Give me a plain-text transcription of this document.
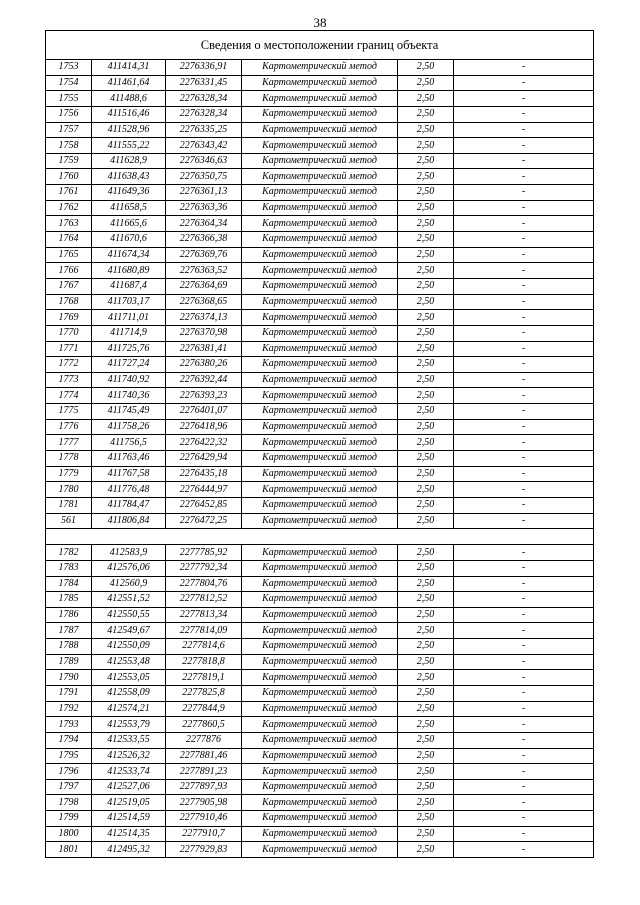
38
Сведения о местоположении границ объекта					
1753	411414,31	2276336,91	Картометрический метод	2,50	-
1754	411461,64	2276331,45	Картометрический метод	2,50	-
1755	411488,6	2276328,34	Картометрический метод	2,50	-
1756	411516,46	2276328,34	Картометрический метод	2,50	-
1757	411528,96	2276335,25	Картометрический метод	2,50	-
1758	411555,22	2276343,42	Картометрический метод	2,50	-
1759	411628,9	2276346,63	Картометрический метод	2,50	-
1760	411638,43	2276350,75	Картометрический метод	2,50	-
1761	411649,36	2276361,13	Картометрический метод	2,50	-
1762	411658,5	2276363,36	Картометрический метод	2,50	-
1763	411665,6	2276364,34	Картометрический метод	2,50	-
1764	411670,6	2276366,38	Картометрический метод	2,50	-
1765	411674,34	2276369,76	Картометрический метод	2,50	-
1766	411680,89	2276363,52	Картометрический метод	2,50	-
1767	411687,4	2276364,69	Картометрический метод	2,50	-
1768	411703,17	2276368,65	Картометрический метод	2,50	-
1769	411711,01	2276374,13	Картометрический метод	2,50	-
1770	411714,9	2276370,98	Картометрический метод	2,50	-
1771	411725,76	2276381,41	Картометрический метод	2,50	-
1772	411727,24	2276380,26	Картометрический метод	2,50	-
1773	411740,92	2276392,44	Картометрический метод	2,50	-
1774	411740,36	2276393,23	Картометрический метод	2,50	-
1775	411745,49	2276401,07	Картометрический метод	2,50	-
1776	411758,26	2276418,96	Картометрический метод	2,50	-
1777	411756,5	2276422,32	Картометрический метод	2,50	-
1778	411763,46	2276429,94	Картометрический метод	2,50	-
1779	411767,58	2276435,18	Картометрический метод	2,50	-
1780	411776,48	2276444,97	Картометрический метод	2,50	-
1781	411784,47	2276452,85	Картометрический метод	2,50	-
561	411806,84	2276472,25	Картометрический метод	2,50	-

1782	412583,9	2277785,92	Картометрический метод	2,50	-
1783	412576,06	2277792,34	Картометрический метод	2,50	-
1784	412560,9	2277804,76	Картометрический метод	2,50	-
1785	412551,52	2277812,52	Картометрический метод	2,50	-
1786	412550,55	2277813,34	Картометрический метод	2,50	-
1787	412549,67	2277814,09	Картометрический метод	2,50	-
1788	412550,09	2277814,6	Картометрический метод	2,50	-
1789	412553,48	2277818,8	Картометрический метод	2,50	-
1790	412553,05	2277819,1	Картометрический метод	2,50	-
1791	412558,09	2277825,8	Картометрический метод	2,50	-
1792	412574,21	2277844,9	Картометрический метод	2,50	-
1793	412553,79	2277860,5	Картометрический метод	2,50	-
1794	412533,55	2277876	Картометрический метод	2,50	-
1795	412526,32	2277881,46	Картометрический метод	2,50	-
1796	412533,74	2277891,23	Картометрический метод	2,50	-
1797	412527,06	2277897,93	Картометрический метод	2,50	-
1798	412519,05	2277905,98	Картометрический метод	2,50	-
1799	412514,59	2277910,46	Картометрический метод	2,50	-
1800	412514,35	2277910,7	Картометрический метод	2,50	-
1801	412495,32	2277929,83	Картометрический метод	2,50	-
